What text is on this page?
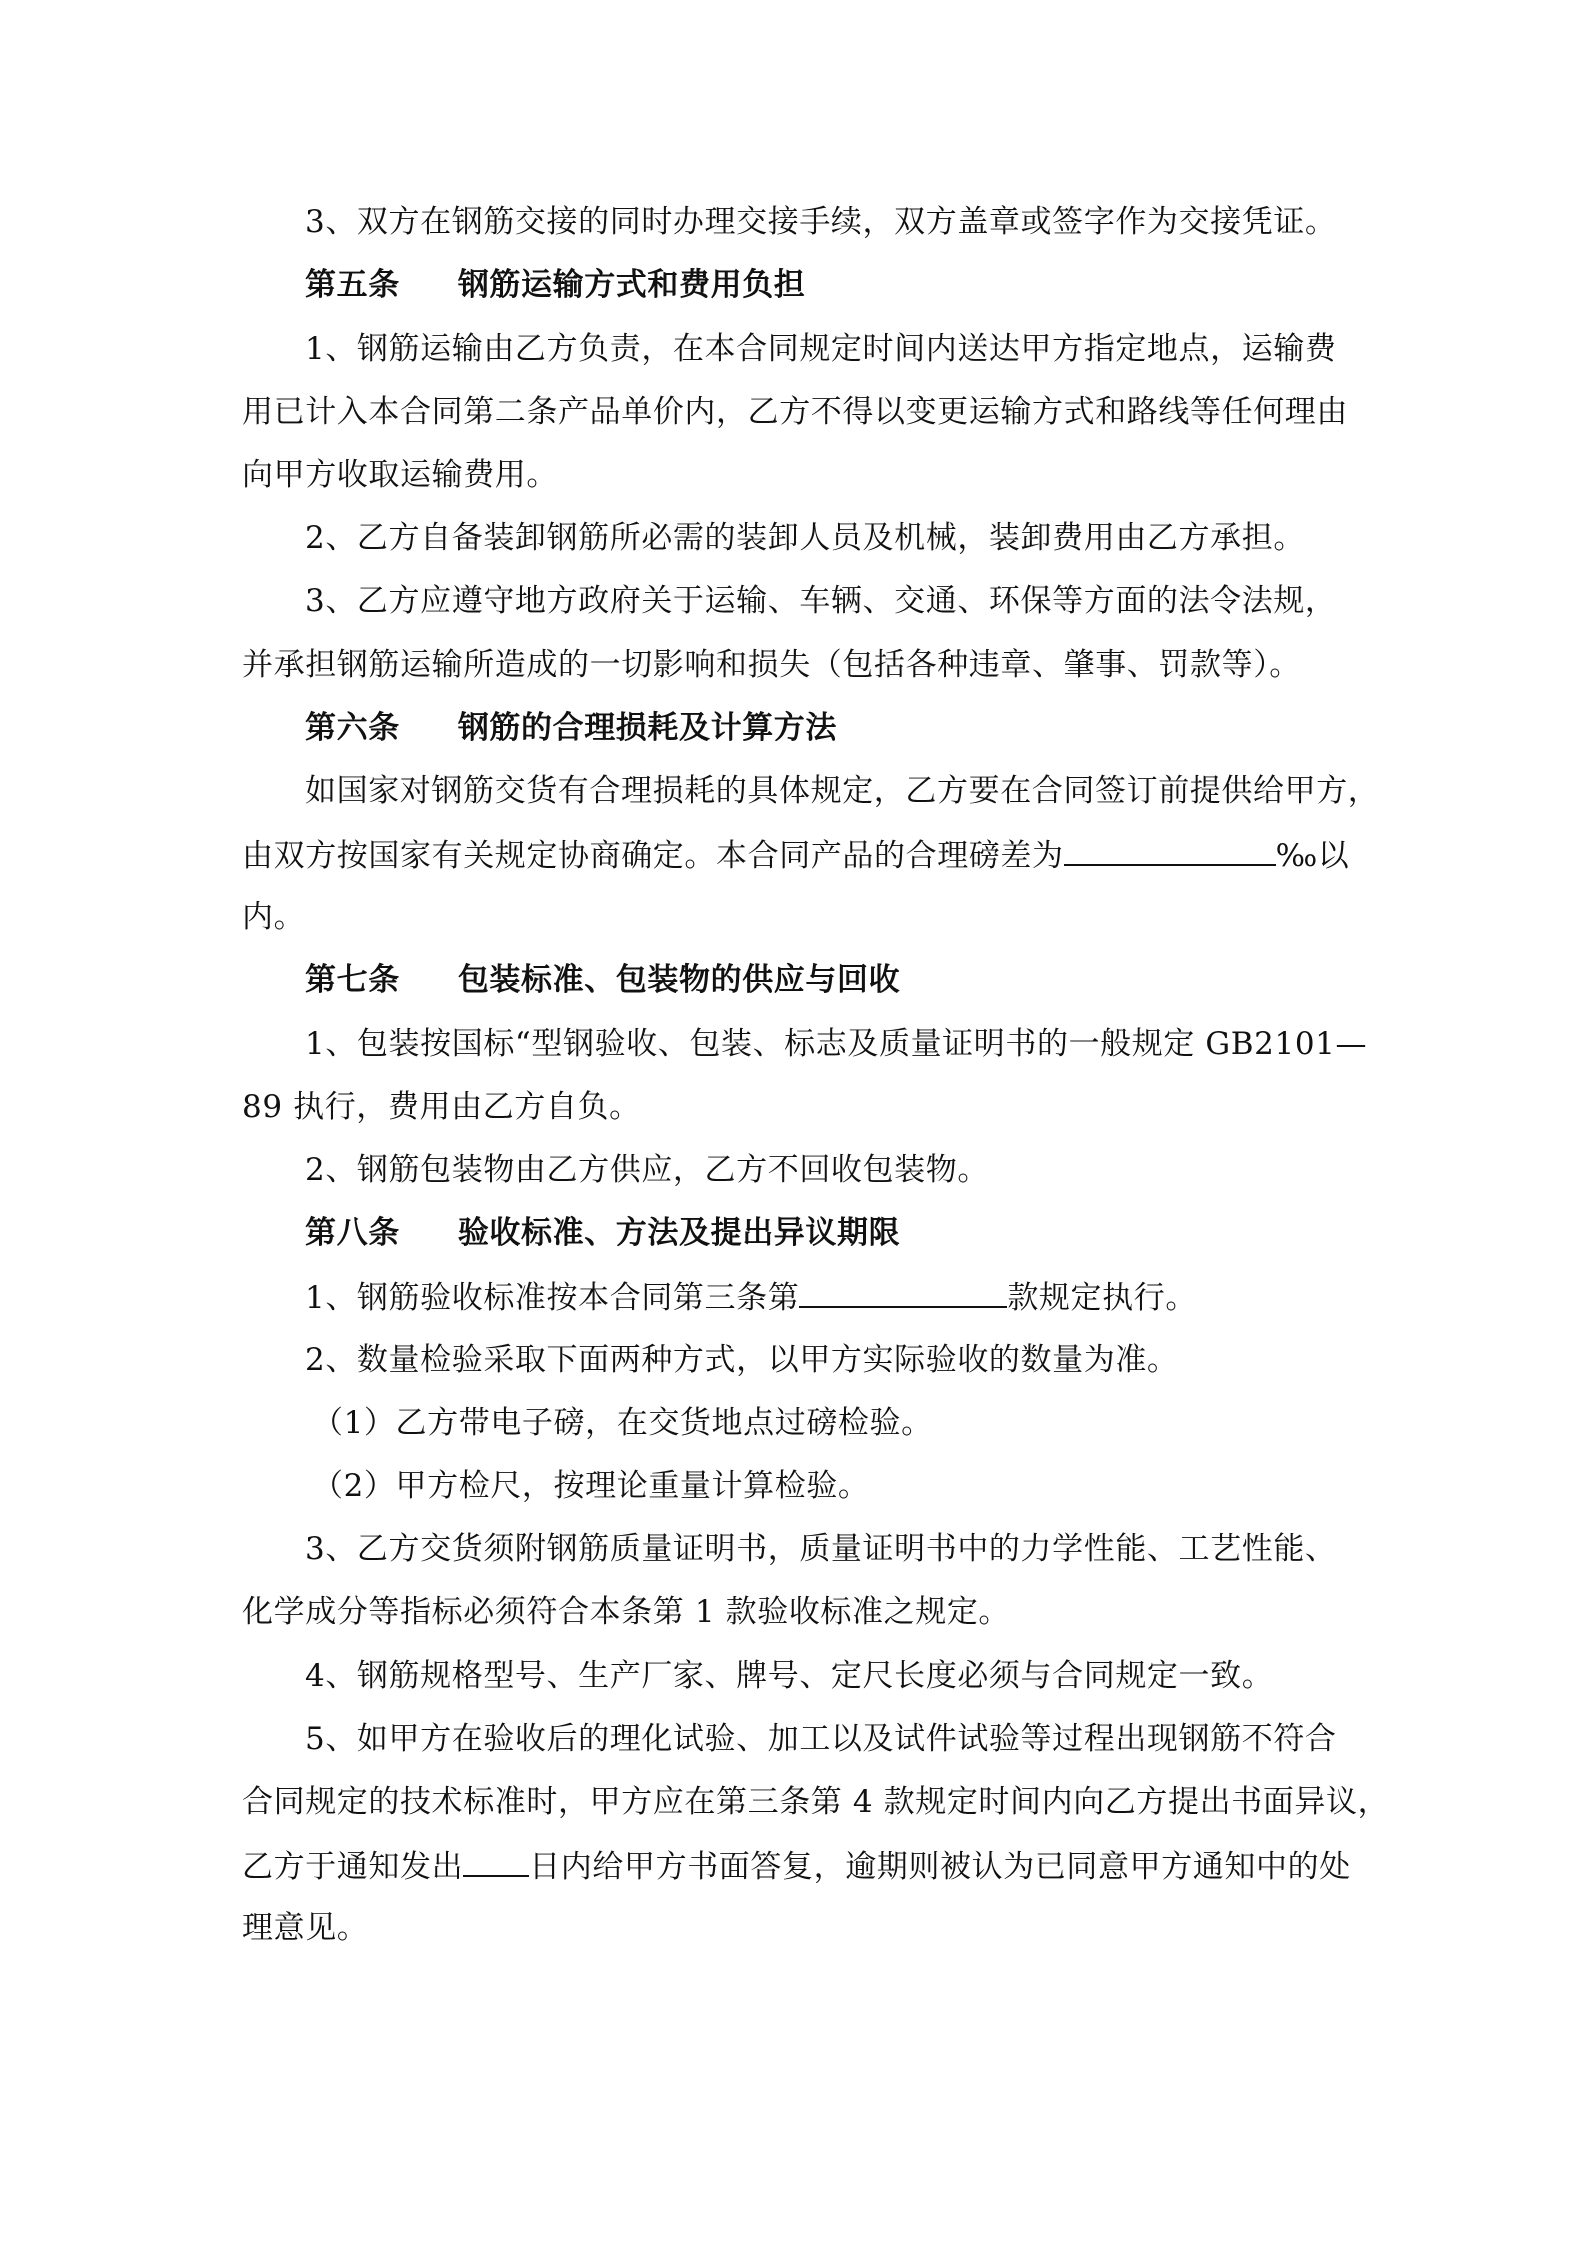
3、双方在钢筋交接的同时办理交接手续，双方盖章或签字作为交接凭证。
第五条 钢筋运输方式和费用负担
1、钢筋运输由乙方负责，在本合同规定时间内送达甲方指定地点，运输费
用已计入本合同第二条产品单价内，乙方不得以变更运输方式和路线等任何理由
向甲方收取运输费用。
2、乙方自备装卸钢筋所必需的装卸人员及机械，装卸费用由乙方承担。
3、乙方应遵守地方政府关于运输、车辆、交通、环保等方面的法令法规，
并承担钢筋运输所造成的一切影响和损失（包括各种违章、肇事、罚款等）。
第六条 钢筋的合理损耗及计算方法
如国家对钢筋交货有合理损耗的具体规定，乙方要在合同签订前提供给甲方，
由双方按国家有关规定协商确定。本合同产品的合理磅差为	‰以
内。
第七条 包装标准、包装物的供应与回收
1、包装按国标“型钢验收、包装、标志及质量证明书的一般规定 GB2101—
89 执行，费用由乙方自负。
2、钢筋包装物由乙方供应，乙方不回收包装物。
第八条 验收标准、方法及提出异议期限
1、钢筋验收标准按本合同第三条第	款规定执行。
2、数量检验采取下面两种方式，以甲方实际验收的数量为准。
（1）乙方带电子磅，在交货地点过磅检验。
（2）甲方检尺，按理论重量计算检验。
3、乙方交货须附钢筋质量证明书，质量证明书中的力学性能、工艺性能、
化学成分等指标必须符合本条第 1 款验收标准之规定。
4、钢筋规格型号、生产厂家、牌号、定尺长度必须与合同规定一致。
5、如甲方在验收后的理化试验、加工以及试件试验等过程出现钢筋不符合
合同规定的技术标准时，甲方应在第三条第 4 款规定时间内向乙方提出书面异议，
乙方于通知发出 日内给甲方书面答复，逾期则被认为已同意甲方通知中的处
理意见。
